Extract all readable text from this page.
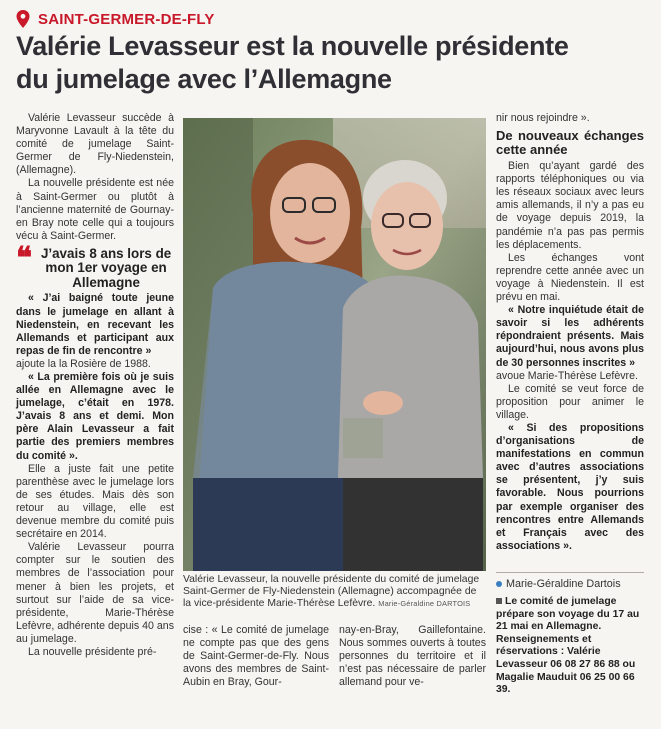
SAINT-GERMER-DE-FLY
Valérie Levasseur est la nouvelle présidente
du jumelage avec l’Allemagne

Valérie Levasseur succède à Maryvonne Lavault à la tête du comité de jumelage Saint-Germer de Fly-Niedenstein, (Allemagne).

La nouvelle présidente est née à Saint-Germer ou plutôt à l’ancienne maternité de Gournay-en Bray note celle qui a toujours vécu à Saint-Germer.

❝ J’avais 8 ans lors de mon 1er voyage en Allemagne

« J’ai baigné toute jeune dans le jumelage en allant à Niedenstein, en recevant les Allemands et participant aux repas de fin de rencontre »

ajoute la la Rosière de 1988.

« La première fois où je suis allée en Allemagne avec le jumelage, c’était en 1978. J’avais 8 ans et demi. Mon père Alain Levasseur a fait partie des premiers membres du comité ».

Elle a juste fait une petite parenthèse avec le jumelage lors de ses études. Mais dès son retour au village, elle est devenue membre du comité puis secrétaire en 2014.

Valérie Levasseur pourra compter sur le soutien des membres de l’association pour mener à bien les projets, et surtout sur l’aide de sa vice-présidente, Marie-Thérèse Lefèvre, adhérente depuis 40 ans au jumelage.

La nouvelle présidente pré-

Valérie Levasseur, la nouvelle présidente du comité de jumelage Saint-Germer de Fly-Niedenstein (Allemagne) accompagnée de la vice-présidente Marie-Thérèse Lefèvre. Marie-Géraldine DARTOIS

cise : « Le comité de jumelage ne compte pas que des gens de Saint-Germer-de-Fly. Nous avons des membres de Saint-Aubin en Bray, Gour-

nay-en-Bray, Gaillefontaine. Nous sommes ouverts à toutes personnes du territoire et il n’est pas nécessaire de parler allemand pour ve-

nir nous rejoindre ».

De nouveaux échanges cette année

Bien qu’ayant gardé des rapports téléphoniques ou via les réseaux sociaux avec leurs amis allemands, il n’y a pas eu de voyage depuis 2019, la pandémie n’a pas pas permis les déplacements.

Les échanges vont reprendre cette année avec un voyage à Niedenstein. Il est prévu en mai.

« Notre inquiétude était de savoir si les adhérents répondraient présents. Mais aujourd’hui, nous avons plus de 30 personnes inscrites »

avoue Marie-Thérèse Lefèvre.

Le comité se veut force de proposition pour animer le village.

« Si des propositions d’organisations de manifestations en commun avec d’autres associations se présentent, j’y suis favorable. Nous pourrions par exemple organiser des rencontres entre Allemands et Français avec des associations ».

Marie-Géraldine Dartois
Le comité de jumelage prépare son voyage du 17 au 21 mai en Allemagne. Renseignements et réservations : Valérie Levasseur 06 08 27 86 88 ou Magalie Mauduit 06 25 00 66 39.
